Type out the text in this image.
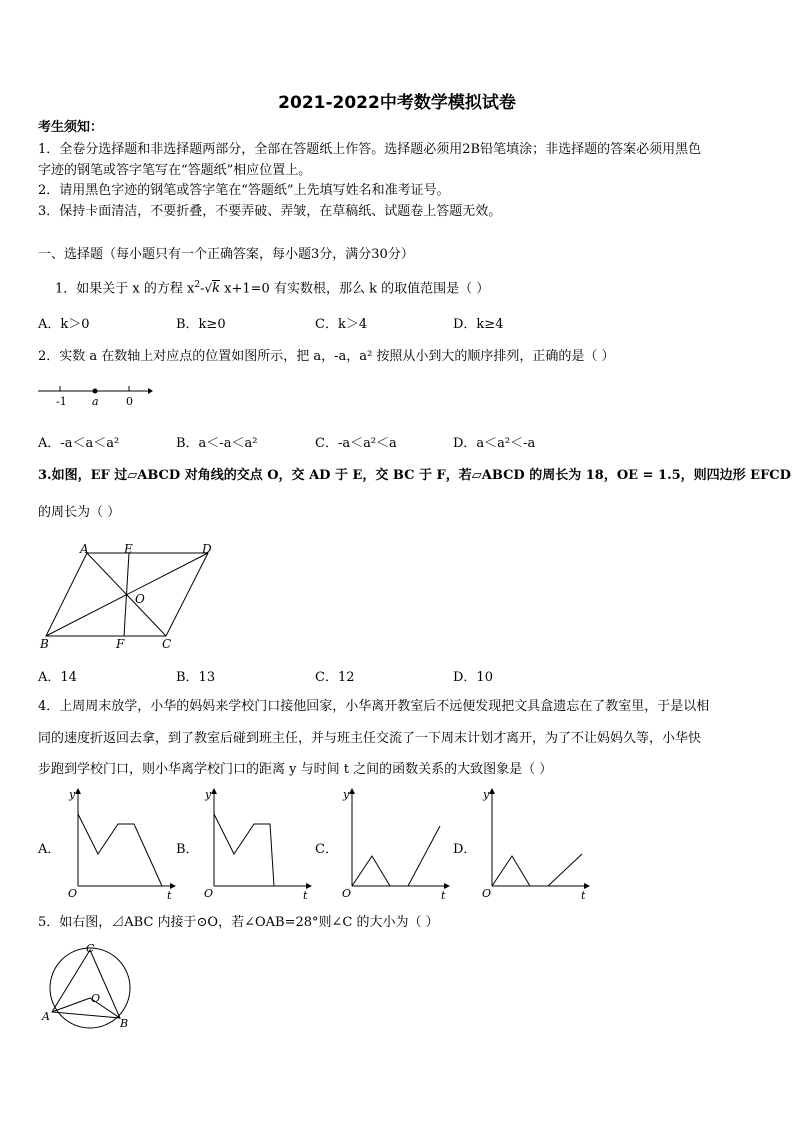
2021-2022中考数学模拟试卷
考生须知：
1．全卷分选择题和非选择题两部分，全部在答题纸上作答。选择题必须用2B铅笔填涂；非选择题的答案必须用黑色
字迹的钢笔或答字笔写在“答题纸”相应位置上。
2．请用黑色字迹的钢笔或答字笔在“答题纸”上先填写姓名和准考证号。
3．保持卡面清洁，不要折叠，不要弄破、弄皱，在草稿纸、试题卷上答题无效。
一、选择题（每小题只有一个正确答案，每小题3分，满分30分）
1．如果关于 x 的方程 $x^2-√k$ x+1=0 有实数根，那么 k 的取值范围是（ ）
A．k＞0	B．k≥0	C．k＞4	D．k≥4
2．实数 a 在数轴上对应点的位置如图所示，把 a，-a，a² 按照从小到大的顺序排列，正确的是（ ）
-1 a 0
A．-a＜a＜a²	B．a＜-a＜a²	C．-a＜a²＜a	D．a＜a²＜-a
3.如图，EF 过▱ABCD 对角线的交点 O，交 AD 于 E，交 BC 于 F，若▱ABCD 的周长为 18，OE = 1.5，则四边形 EFCD
的周长为（ ）
A	E	D
O
B	F	C
A．14	B．13	C．12	D．10
4．上周周末放学，小华的妈妈来学校门口接他回家，小华离开教室后不远便发现把文具盒遗忘在了教室里，于是以相
同的速度折返回去拿，到了教室后碰到班主任，并与班主任交流了一下周末计划才离开，为了不让妈妈久等，小华快
步跑到学校门口，则小华离学校门口的距离 y 与时间 t 之间的函数关系的大致图象是（ ）
A．	B．	C．	D．
y
O	t
y
O	t
y
O	t
y
O	t
5．如右图，⊿ABC 内接于⊙O，若∠OAB=28°则∠C 的大小为（ ）
C
O
A
B
